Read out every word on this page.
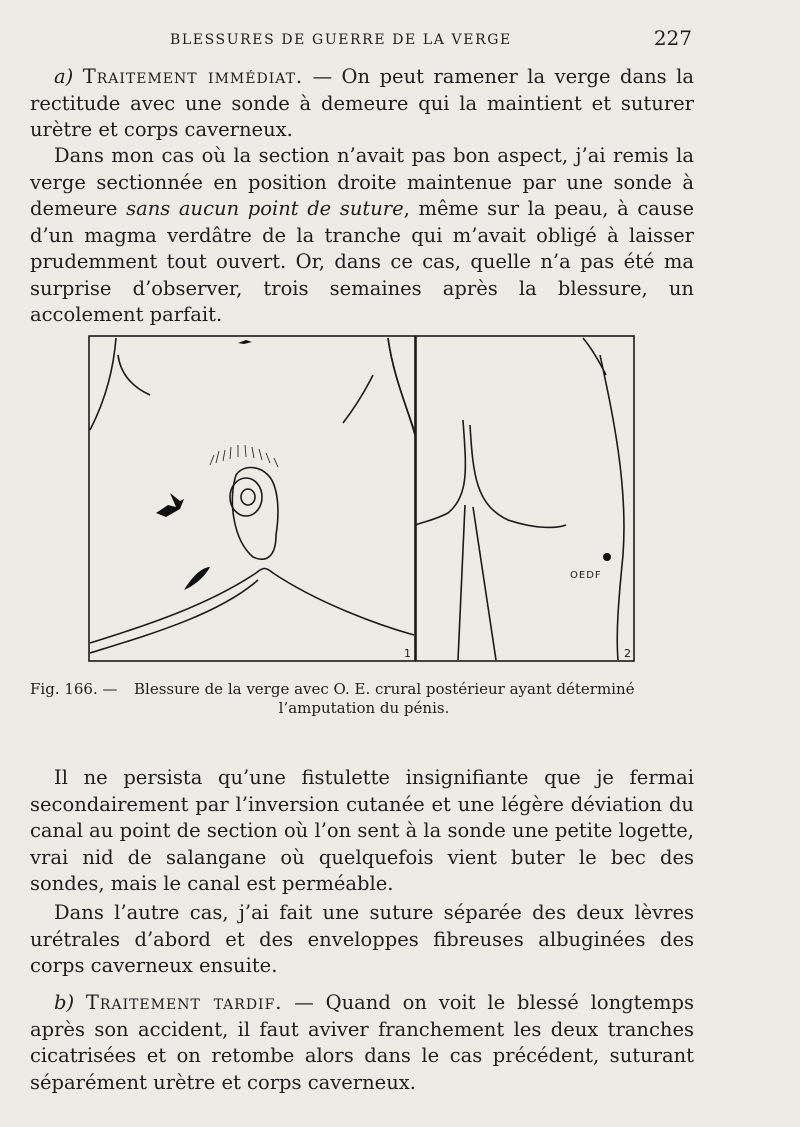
BLESSURES DE GUERRE DE LA VERGE	227

a) Traitement immédiat. — On peut ramener la verge dans la rectitude avec une sonde à demeure qui la maintient et suturer urètre et corps caverneux.

Dans mon cas où la section n’avait pas bon aspect, j’ai remis la verge sectionnée en position droite maintenue par une sonde à demeure sans aucun point de suture, même sur la peau, à cause d’un magma verdâtre de la tranche qui m’avait obligé à laisser prudemment tout ouvert. Or, dans ce cas, quelle n’a pas été ma surprise d’observer, trois semaines après la blessure, un accolement parfait.

1	2
OEDF
Fig. 166. —	Blessure de la verge avec O. E. crural postérieur ayant déterminé
l’amputation du pénis.

Il ne persista qu’une fistulette insignifiante que je fermai secondairement par l’inversion cutanée et une légère déviation du canal au point de section où l’on sent à la sonde une petite logette, vrai nid de salangane où quelquefois vient buter le bec des sondes, mais le canal est perméable.

Dans l’autre cas, j’ai fait une suture séparée des deux lèvres urétrales d’abord et des enveloppes fibreuses albuginées des corps caverneux ensuite.

b) Traitement tardif. — Quand on voit le blessé longtemps après son accident, il faut aviver franchement les deux tranches cicatrisées et on retombe alors dans le cas précédent, suturant séparément urètre et corps caverneux.
